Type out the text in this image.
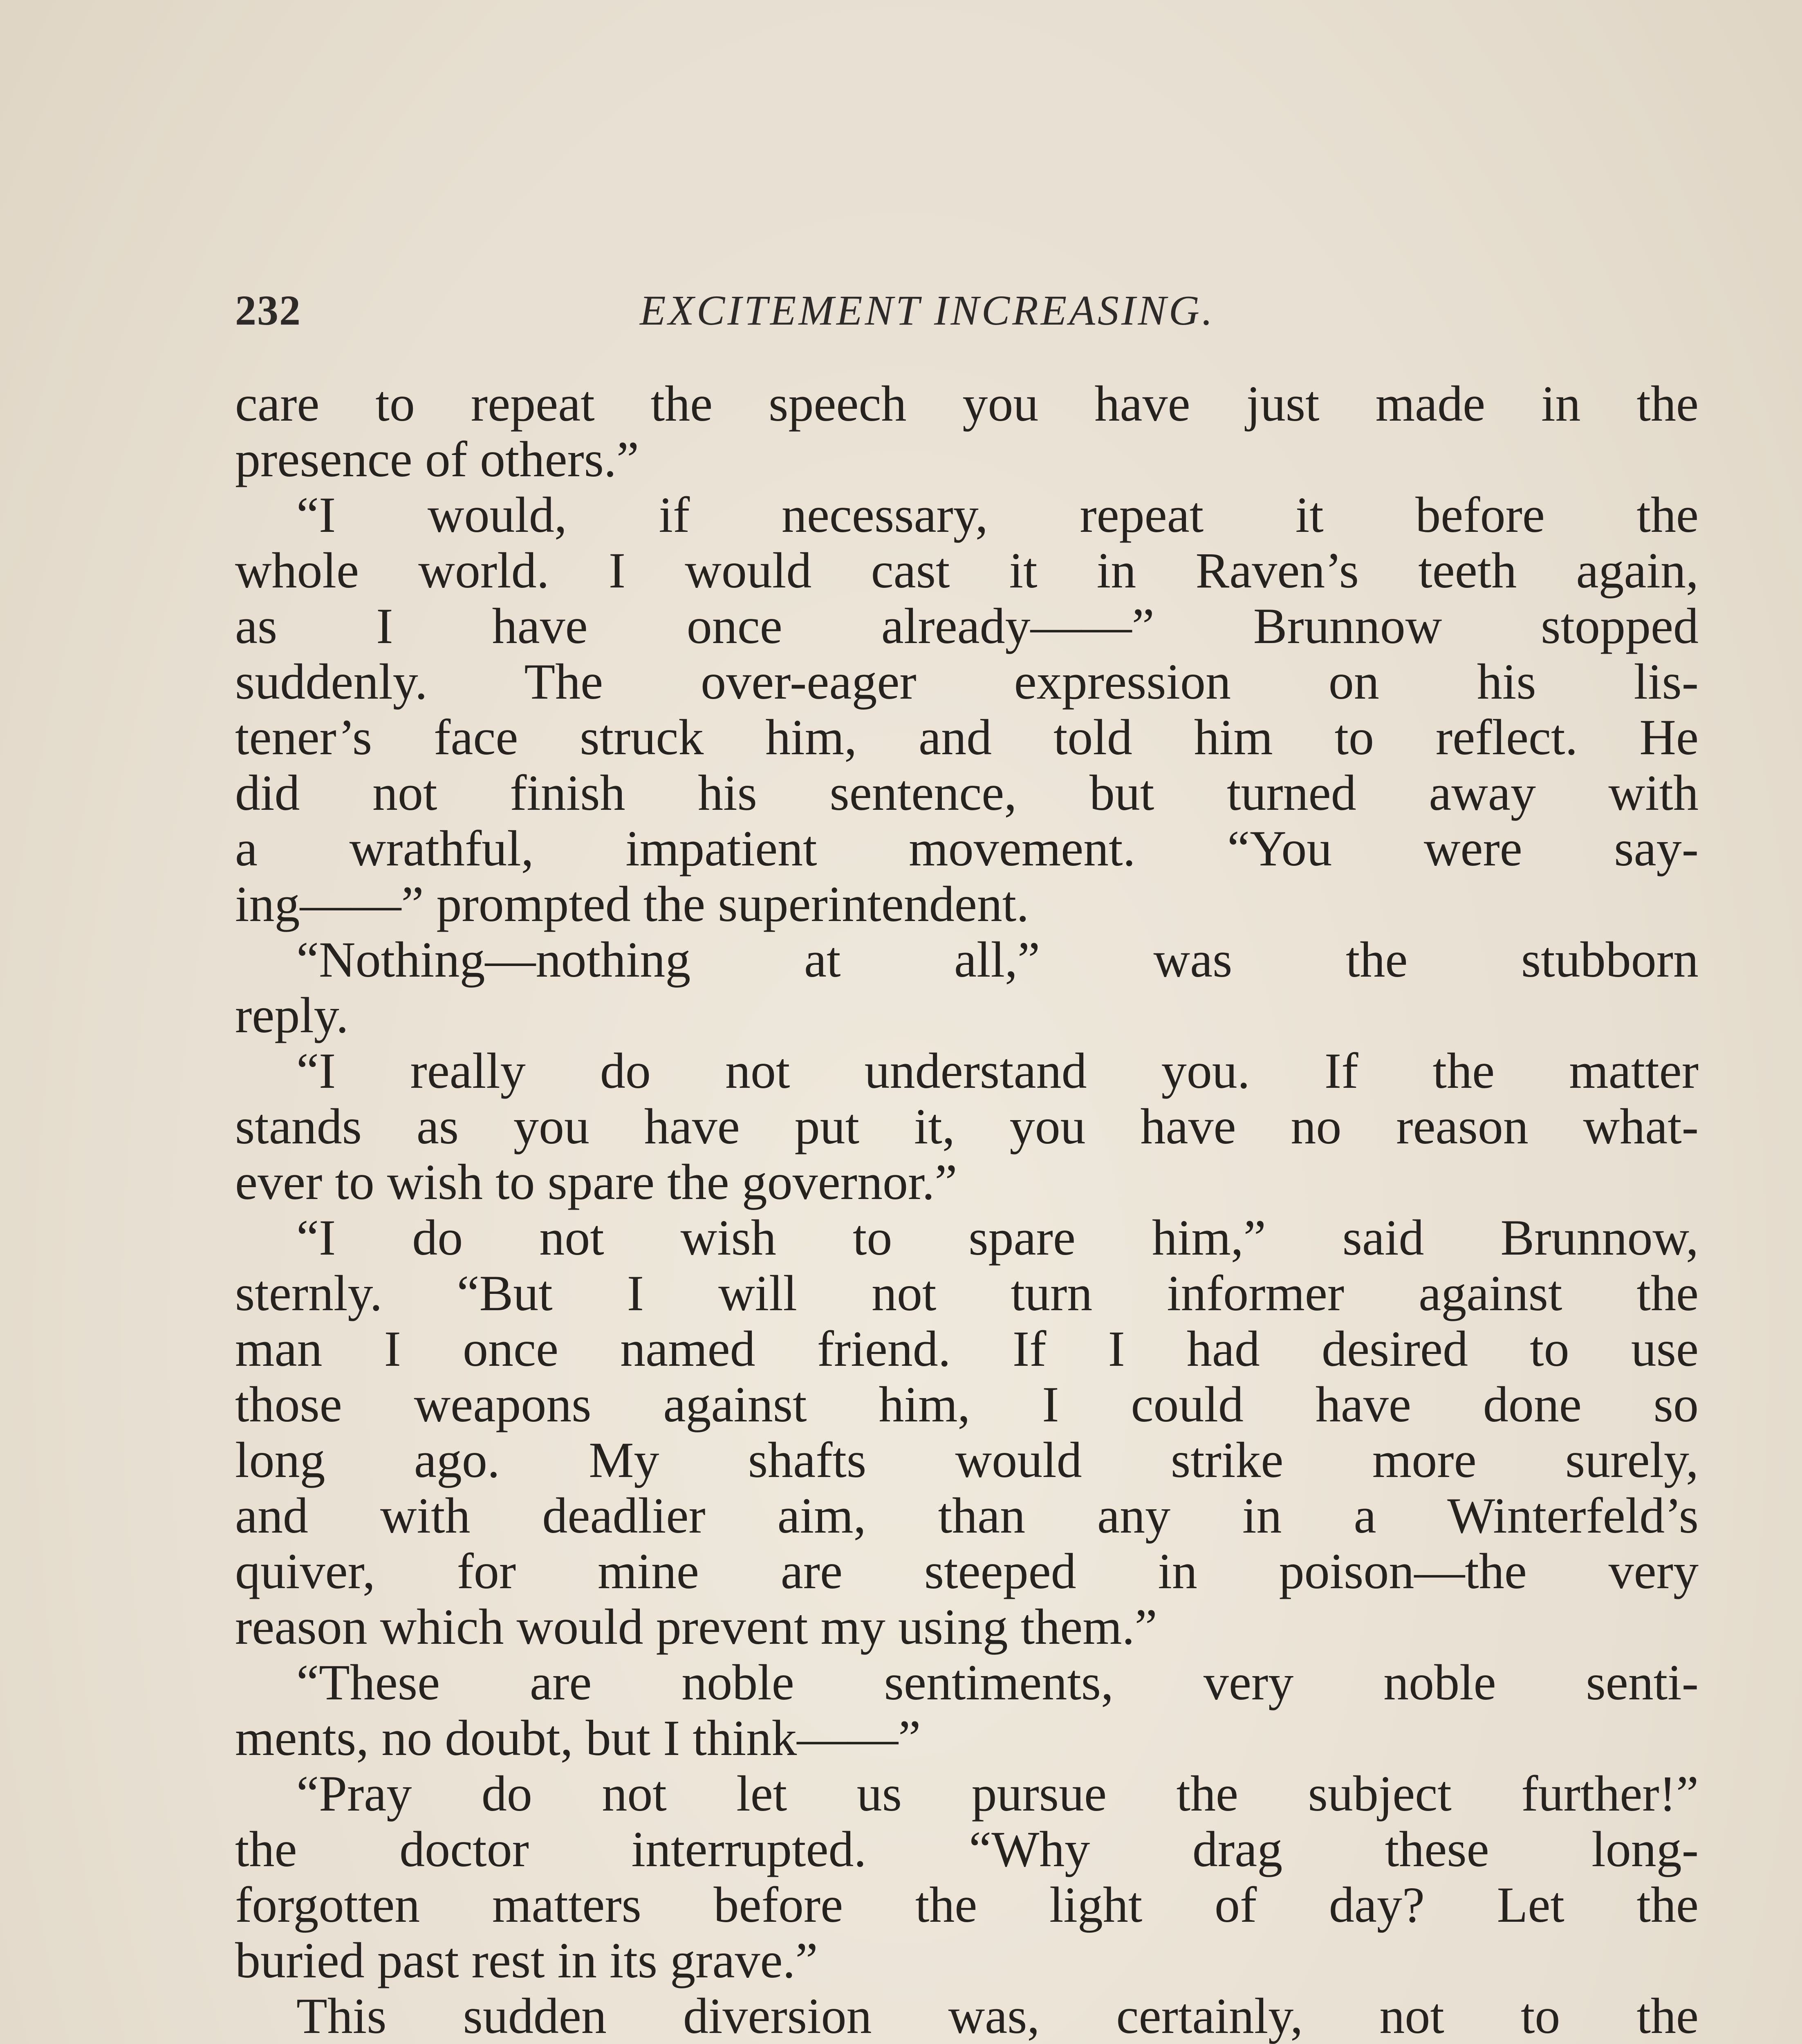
232	EXCITEMENT INCREASING.
care to repeat the speech you have just made in the
presence of others.”
“I would, if necessary, repeat it before the
whole world. I would cast it in Raven’s teeth again,
as I have once already——” Brunnow stopped
suddenly. The over-eager expression on his lis-
tener’s face struck him, and told him to reflect. He
did not finish his sentence, but turned away with
a wrathful, impatient movement. “You were say-
ing——” prompted the superintendent.
“Nothing—nothing at all,” was the stubborn
reply.
“I really do not understand you. If the matter
stands as you have put it, you have no reason what-
ever to wish to spare the governor.”
“I do not wish to spare him,” said Brunnow,
sternly. “But I will not turn informer against the
man I once named friend. If I had desired to use
those weapons against him, I could have done so
long ago. My shafts would strike more surely,
and with deadlier aim, than any in a Winterfeld’s
quiver, for mine are steeped in poison—the very
reason which would prevent my using them.”
“These are noble sentiments, very noble senti-
ments, no doubt, but I think——”
“Pray do not let us pursue the subject further!”
the doctor interrupted. “Why drag these long-
forgotten matters before the light of day? Let the
buried past rest in its grave.”
This sudden diversion was, certainly, not to the
